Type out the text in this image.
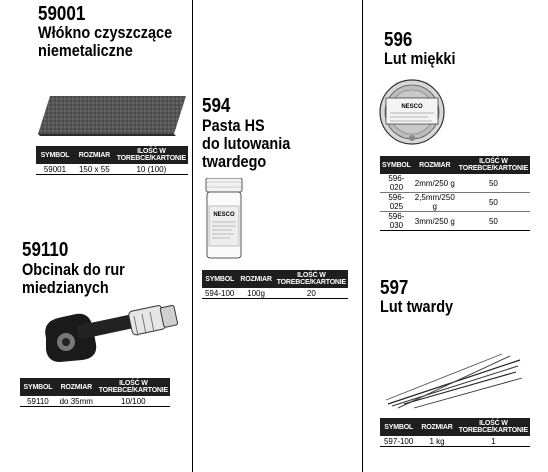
59001
Włókno czyszczące
niemetaliczne
SYMBOL	ROZMIAR	ILOŚĆ W TOREBCE/KARTONIE
59001	150 x 55	10 (100)
59110
Obcinak do rur
miedzianych
SYMBOL	ROZMIAR	ILOŚĆ W TOREBCE/KARTONIE
59110	do 35mm	10/100
594
Pasta HS
do lutowania
twardego
NESCO
SYMBOL	ROZMIAR	ILOŚĆ W TOREBCE/KARTONIE
594-100	100g	20
596
Lut miękki
NESCO
SYMBOL	ROZMIAR	ILOŚĆ W TOREBCE/KARTONIE
596-020	2mm/250 g	50
596-025	2,5mm/250 g	50
596-030	3mm/250 g	50
597
Lut twardy
SYMBOL	ROZMIAR	ILOŚĆ W TOREBCE/KARTONIE
597-100	1 kg	1
